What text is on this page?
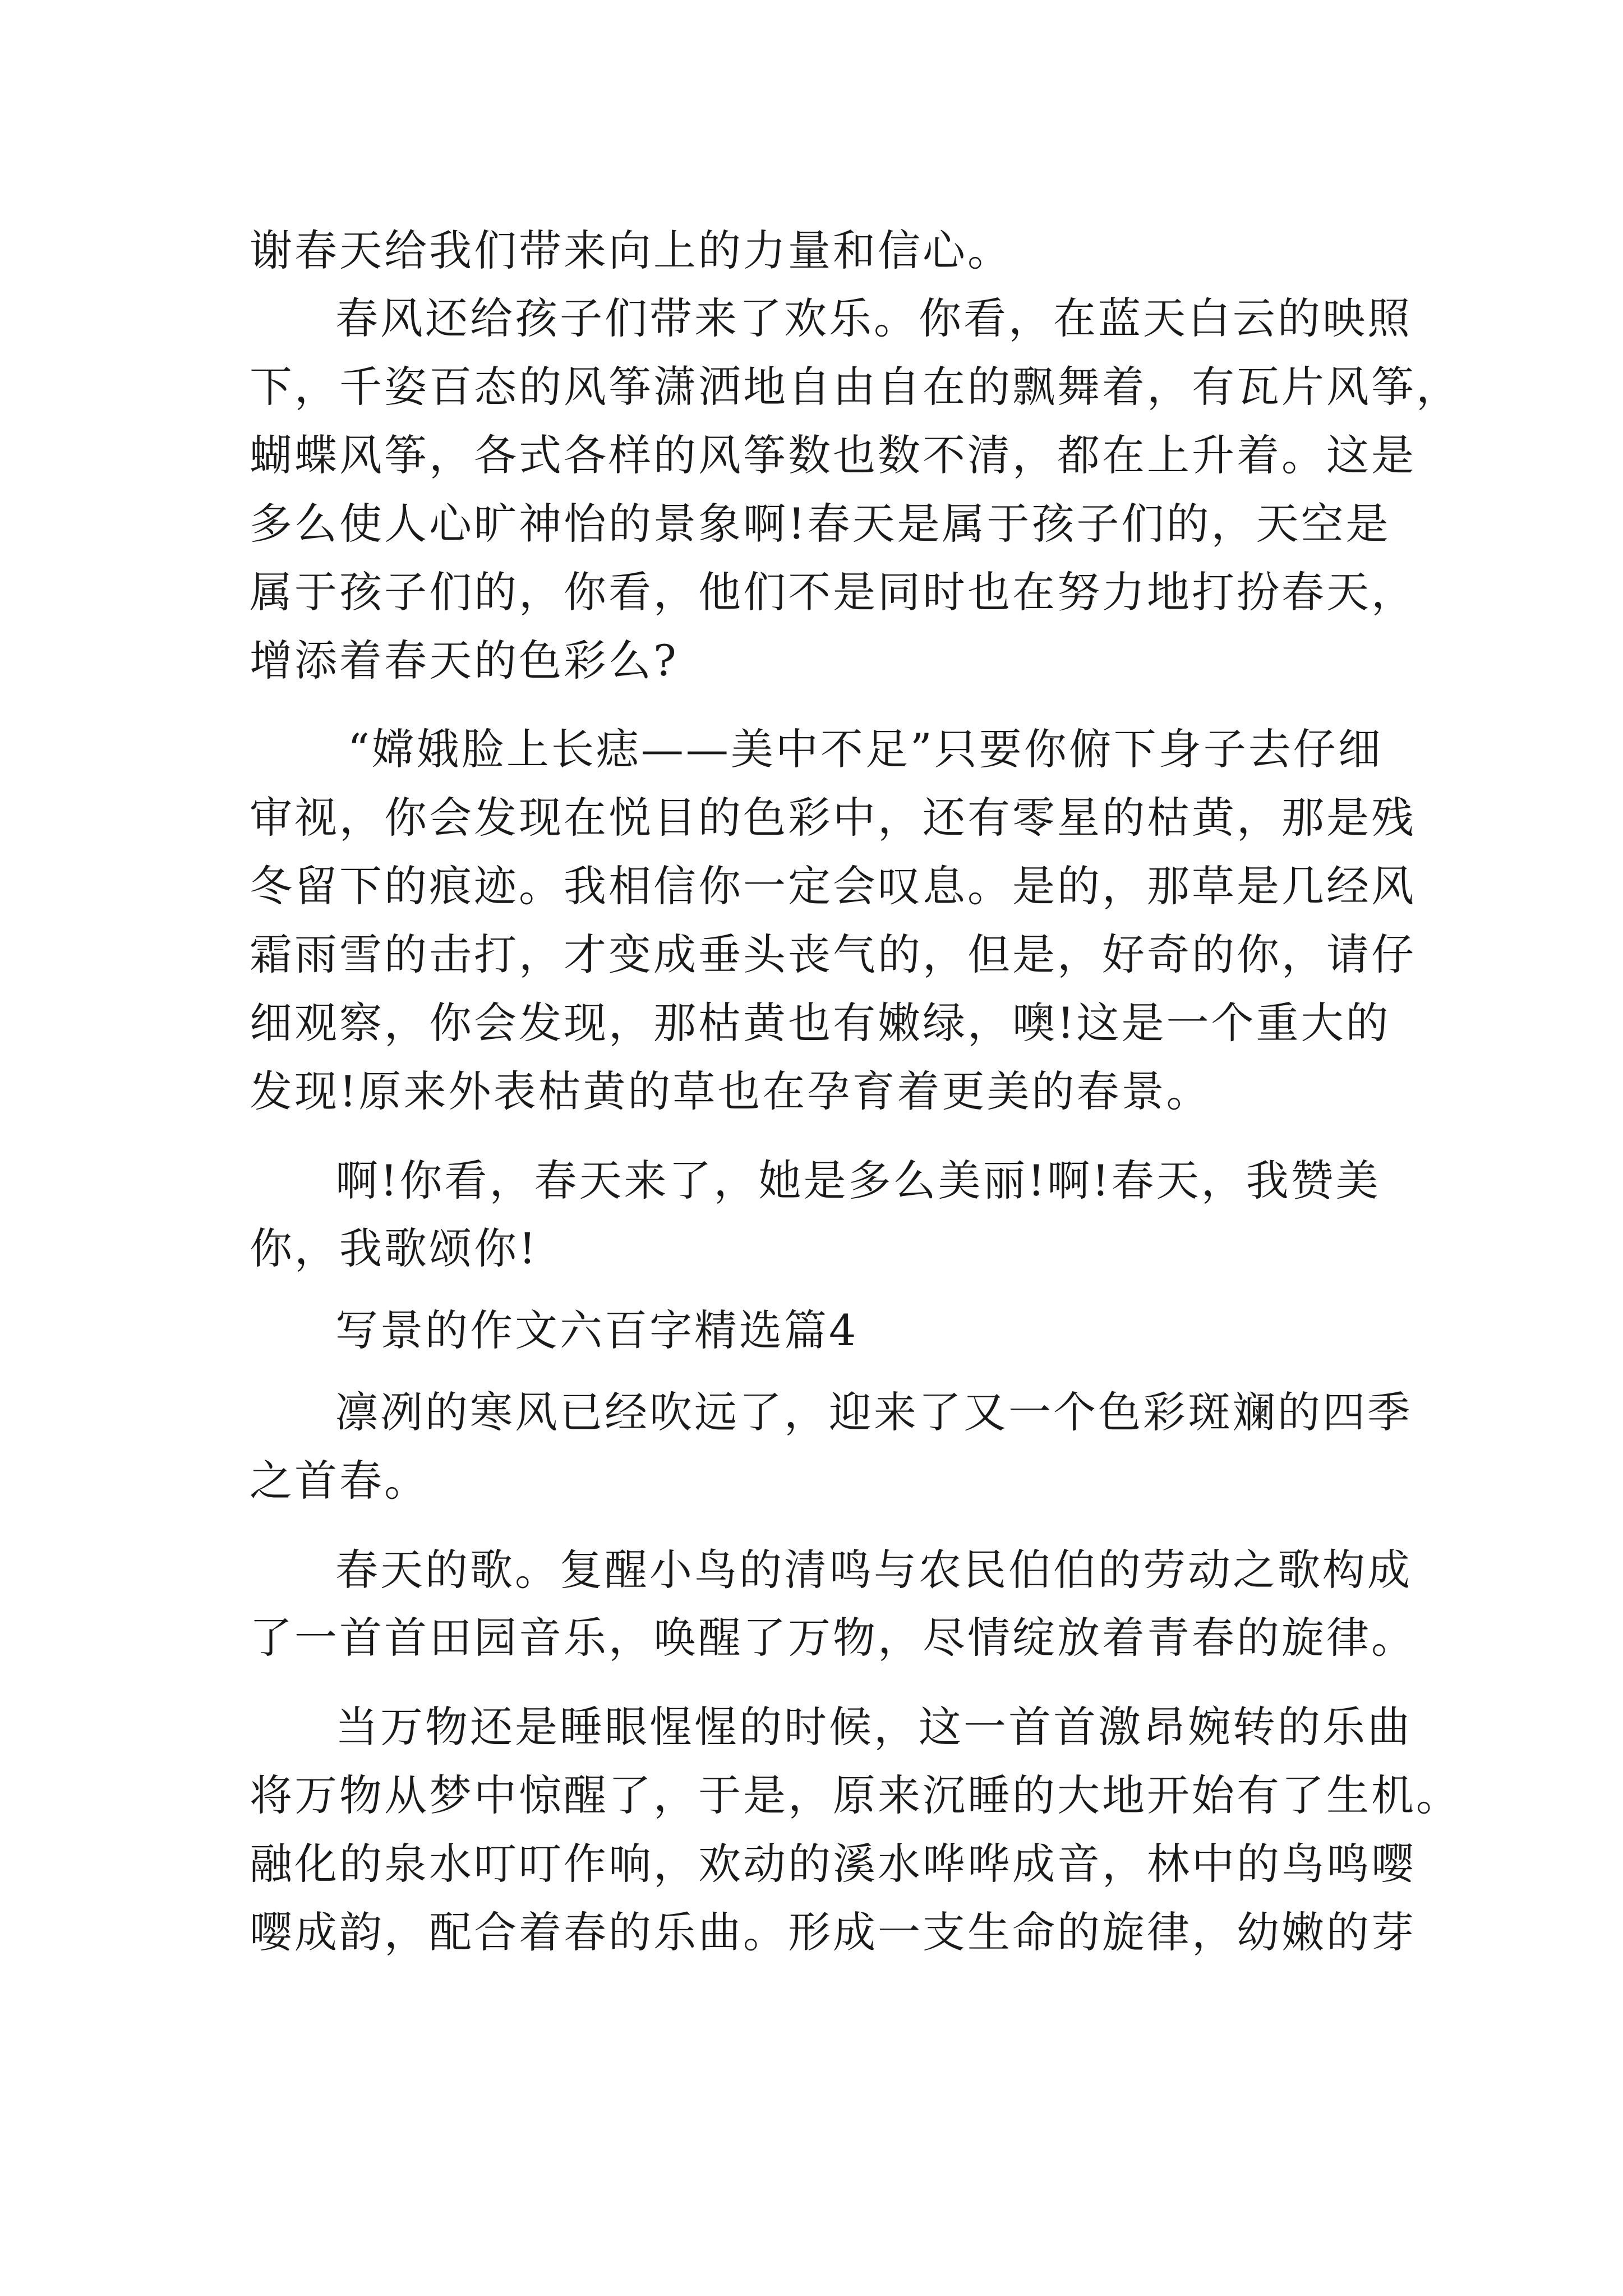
谢春天给我们带来向上的力量和信心。
春风还给孩子们带来了欢乐。你看，在蓝天白云的映照
下，千姿百态的风筝潇洒地自由自在的飘舞着，有瓦片风筝，
蝴蝶风筝，各式各样的风筝数也数不清，都在上升着。这是
多么使人心旷神怡的景象啊!春天是属于孩子们的，天空是
属于孩子们的，你看，他们不是同时也在努力地打扮春天，
增添着春天的色彩么?
“嫦娥脸上长痣——美中不足”只要你俯下身子去仔细
审视，你会发现在悦目的色彩中，还有零星的枯黄，那是残
冬留下的痕迹。我相信你一定会叹息。是的，那草是几经风
霜雨雪的击打，才变成垂头丧气的，但是，好奇的你，请仔
细观察，你会发现，那枯黄也有嫩绿，噢!这是一个重大的
发现!原来外表枯黄的草也在孕育着更美的春景。
啊!你看，春天来了，她是多么美丽!啊!春天，我赞美
你，我歌颂你!
写景的作文六百字精选篇4
凛冽的寒风已经吹远了，迎来了又一个色彩斑斓的四季
之首春。
春天的歌。复醒小鸟的清鸣与农民伯伯的劳动之歌构成
了一首首田园音乐，唤醒了万物，尽情绽放着青春的旋律。
当万物还是睡眼惺惺的时候，这一首首激昂婉转的乐曲
将万物从梦中惊醒了，于是，原来沉睡的大地开始有了生机。
融化的泉水叮叮作响，欢动的溪水哗哗成音，林中的鸟鸣嘤
嘤成韵，配合着春的乐曲。形成一支生命的旋律，幼嫩的芽
